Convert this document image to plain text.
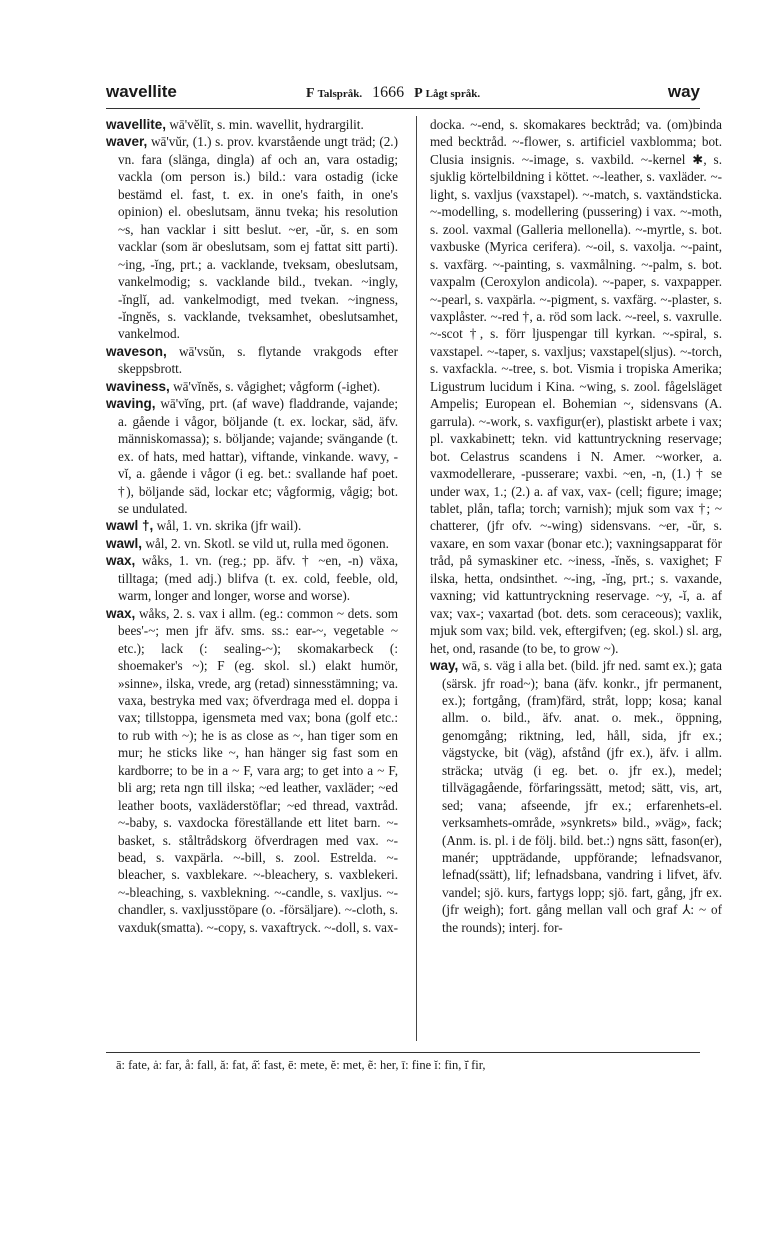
wavellite	F Talspråk. 1666 P Lågt språk.	way

wavellite, wā'vĕlīt, s. min. wavellit, hydrargilit.

waver, wā'vŭr, (1.) s. prov. kvarstående ungt träd; (2.) vn. fara (slänga, dingla) af och an, vara ostadig; vackla (om person is.) bild.: vara ostadig (icke bestämd el. fast, t. ex. in one's faith, in one's opinion) el. obeslutsam, ännu tveka; his resolution ~s, han vacklar i sitt beslut. ~er, -ŭr, s. en som vacklar (som är obeslutsam, som ej fattat sitt parti). ~ing, -ĭng, prt.; a. vacklande, tveksam, obeslutsam, vankelmodig; s. vacklande bild., tvekan. ~ingly, -ĭnglĭ, ad. vankelmodigt, med tvekan. ~ingness, -ĭngnĕs, s. vacklande, tveksamhet, obeslutsamhet, vankelmod.

waveson, wā'vsŭn, s. flytande vrakgods efter skeppsbrott.

waviness, wā'vĭnĕs, s. vågighet; vågform (-ighet).

waving, wā'vĭng, prt. (af wave) fladdrande, vajande; a. gående i vågor, böljande (t. ex. lockar, säd, äfv. människomassa); s. böljande; vajande; svängande (t. ex. of hats, med hattar), viftande, vinkande. wavy, -vĭ, a. gående i vågor (i eg. bet.: svallande haf poet. †), böljande säd, lockar etc; vågformig, vågig; bot. se undulated.

wawl †, wål, 1. vn. skrika (jfr wail).

wawl, wål, 2. vn. Skotl. se vild ut, rulla med ögonen.

wax, wåks, 1. vn. (reg.; pp. äfv. † ~en, -n) växa, tilltaga; (med adj.) blifva (t. ex. cold, feeble, old, warm, longer and longer, worse and worse).

wax, wåks, 2. s. vax i allm. (eg.: common ~ dets. som bees'-~; men jfr äfv. sms. ss.: ear-~, vegetable ~ etc.); lack (: sealing-~); skomakarbeck (: shoemaker's ~); F (eg. skol. sl.) elakt humör, »sinne», ilska, vrede, arg (retad) sinnesstämning; va. vaxa, bestryka med vax; öfverdraga med el. doppa i vax; tillstoppa, igensmeta med vax; bona (golf etc.: to rub with ~); he is as close as ~, han tiger som en mur; he sticks like ~, han hänger sig fast som en kardborre; to be in a ~ F, vara arg; to get into a ~ F, bli arg; reta ngn till ilska; ~ed leather, vaxläder; ~ed leather boots, vaxläderstöflar; ~ed thread, vaxtråd. ~-baby, s. vaxdocka föreställande ett litet barn. ~-basket, s. ståltrådskorg öfverdragen med vax. ~-bead, s. vaxpärla. ~-bill, s. zool. Estrelda. ~-bleacher, s. vaxblekare. ~-bleachery, s. vaxblekeri. ~-bleaching, s. vaxblekning. ~-candle, s. vaxljus. ~-chandler, s. vaxljusstöpare (o. -försäljare). ~-cloth, s. vaxduk(smatta). ~-copy, s. vaxaftryck. ~-doll, s. vax-

docka. ~-end, s. skomakares becktråd; va. (om)binda med becktråd. ~-flower, s. artificiel vaxblomma; bot. Clusia insignis. ~-image, s. vaxbild. ~-kernel ✱, s. sjuklig körtelbildning i köttet. ~-leather, s. vaxläder. ~-light, s. vaxljus (vaxstapel). ~-match, s. vaxtändsticka. ~-modelling, s. modellering (pussering) i vax. ~-moth, s. zool. vaxmal (Galleria mellonella). ~-myrtle, s. bot. vaxbuske (Myrica cerifera). ~-oil, s. vaxolja. ~-paint, s. vaxfärg. ~-painting, s. vaxmålning. ~-palm, s. bot. vaxpalm (Ceroxylon andicola). ~-paper, s. vaxpapper. ~-pearl, s. vaxpärla. ~-pigment, s. vaxfärg. ~-plaster, s. vaxplåster. ~-red †, a. röd som lack. ~-reel, s. vaxrulle. ~-scot †, s. förr ljuspengar till kyrkan. ~-spiral, s. vaxstapel. ~-taper, s. vaxljus; vaxstapel(sljus). ~-torch, s. vaxfackla. ~-tree, s. bot. Vismia i tropiska Amerika; Ligustrum lucidum i Kina. ~wing, s. zool. fågelsläget Ampelis; European el. Bohemian ~, sidensvans (A. garrula). ~-work, s. vaxfigur(er), plastiskt arbete i vax; pl. vaxkabinett; tekn. vid kattuntryckning reservage; bot. Celastrus scandens i N. Amer. ~worker, a. vaxmodellerare, -pusserare; vaxbi. ~en, -n, (1.) † se under wax, 1.; (2.) a. af vax, vax- (cell; figure; image; tablet, plån, tafla; torch; varnish); mjuk som vax †; ~ chatterer, (jfr ofv. ~-wing) sidensvans. ~er, -ŭr, s. vaxare, en som vaxar (bonar etc.); vaxningsapparat för tråd, på symaskiner etc. ~iness, -ĭnĕs, s. vaxighet; F ilska, hetta, ondsinthet. ~-ing, -ĭng, prt.; s. vaxande, vaxning; vid kattuntryckning reservage. ~y, -ĭ, a. af vax; vax-; vaxartad (bot. dets. som ceraceous); vaxlik, mjuk som vax; bild. vek, eftergifven; (eg. skol.) sl. arg, het, ond, rasande (to be, to grow ~).

way, wā, s. väg i alla bet. (bild. jfr ned. samt ex.); gata (särsk. jfr road~); bana (äfv. konkr., jfr permanent, ex.); fortgång, (fram)färd, stråt, lopp; kosa; kanal allm. o. bild., äfv. anat. o. mek., öppning, genomgång; riktning, led, håll, sida, jfr ex.; vägstycke, bit (väg), afstånd (jfr ex.), äfv. i allm. sträcka; utväg (i eg. bet. o. jfr ex.), medel; tillvägagående, förfaringssätt, metod; sätt, vis, art, sed; vana; afseende, jfr ex.; erfarenhets-el. verksamhets-område, »synkrets» bild., »väg», fack; (Anm. is. pl. i de följ. bild. bet.:) ngns sätt, fason(er), manér; uppträdande, uppförande; lefnadsvanor, lefnad(ssätt), lif; lefnadsbana, vandring i lifvet, äfv. vandel; sjö. kurs, fartygs lopp; sjö. fart, gång, jfr ex. (jfr weigh); fort. gång mellan vall och graf ⅄: ~ of the rounds); interj. for-

ā: fate, ȧ: far, å: fall, ă: fat, ȧ̆: fast, ē: mete, ĕ: met, ẽ: her, ī: fine ĭ: fin, ĭ̇ fir,
